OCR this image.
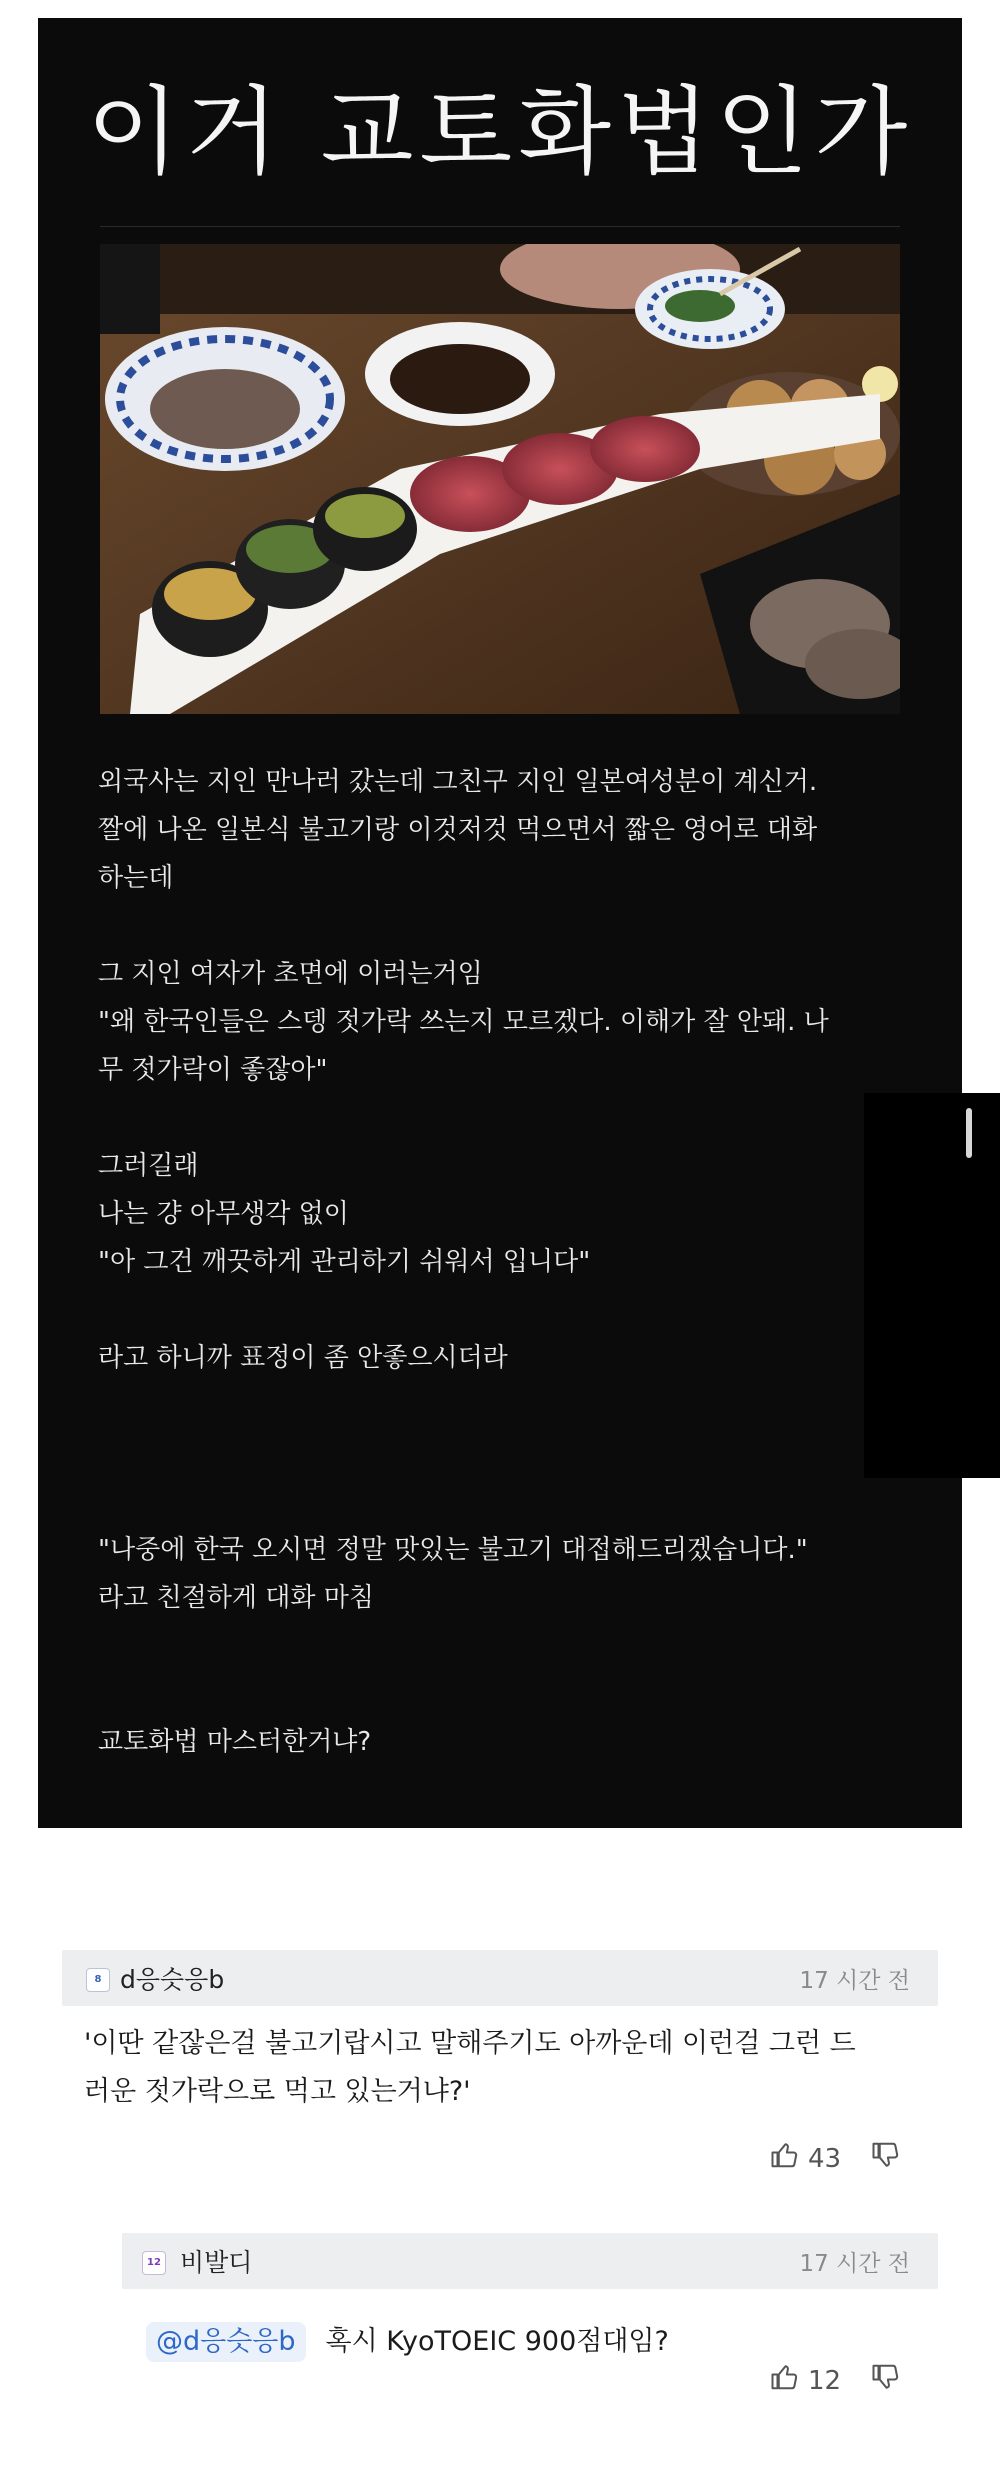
이거 교토화법인가

외국사는 지인 만나러 갔는데 그친구 지인 일본여성분이 계신거.
짤에 나온 일본식 불고기랑 이것저것 먹으면서 짧은 영어로 대화
하는데

그 지인 여자가 초면에 이러는거임
"왜 한국인들은 스뎅 젓가락 쓰는지 모르겠다. 이해가 잘 안돼. 나
무 젓가락이 좋잖아"

그러길래
나는 걍 아무생각 없이
"아 그건 깨끗하게 관리하기 쉬워서 입니다"

라고 하니까 표정이 좀 안좋으시더라

"나중에 한국 오시면 정말 맛있는 불고기 대접해드리겠습니다."
라고 친절하게 대화 마침

교토화법 마스터한거냐?

8 d응슷응b	17 시간 전
'이딴 같잖은걸 불고기랍시고 말해주기도 아까운데 이런걸 그런 드
러운 젓가락으로 먹고 있는거냐?'
43
12 비발디	17 시간 전
@d응슷응b 혹시 KyoTOEIC 900점대임?
12
